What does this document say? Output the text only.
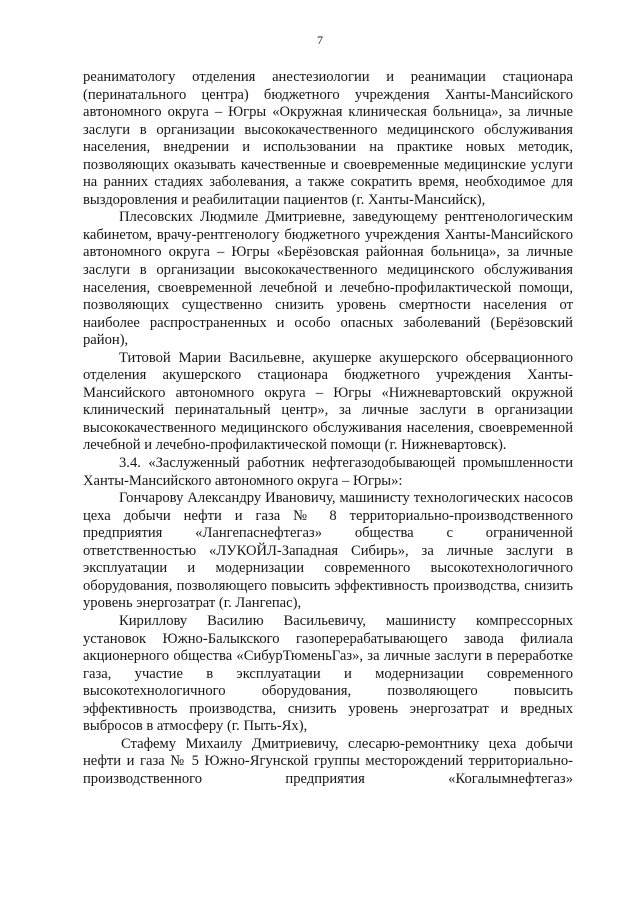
7

реаниматологу отделения анестезиологии и реанимации стационара (перинатального центра) бюджетного учреждения Ханты-Мансийского автономного округа – Югры «Окружная клиническая больница», за личные заслуги в организации высококачественного медицинского обслуживания населения, внедрении и использовании на практике новых методик, позволяющих оказывать качественные и своевременные медицинские услуги на ранних стадиях заболевания, а также сократить время, необходимое для выздоровления и реабилитации пациентов (г. Ханты-Мансийск),

Плесовских Людмиле Дмитриевне, заведующему рентгенологическим кабинетом, врачу-рентгенологу бюджетного учреждения Ханты-Мансийского автономного округа – Югры «Берёзовская районная больница», за личные заслуги в организации высококачественного медицинского обслуживания населения, своевременной лечебной и лечебно-профилактической помощи, позволяющих существенно снизить уровень смертности населения от наиболее распространенных и особо опасных заболеваний (Берёзовский район),

Титовой Марии Васильевне, акушерке акушерского обсервационного отделения акушерского стационара бюджетного учреждения Ханты-Мансийского автономного округа – Югры «Нижневартовский окружной клинический перинатальный центр», за личные заслуги в организации высококачественного медицинского обслуживания населения, своевременной лечебной и лечебно-профилактической помощи (г. Нижневартовск).

3.4. «Заслуженный работник нефтегазодобывающей промышленности Ханты-Мансийского автономного округа – Югры»:

Гончарову Александру Ивановичу, машинисту технологических насосов цеха добычи нефти и газа № 8 территориально-производственного предприятия «Лангепаснефтегаз» общества с ограниченной ответственностью «ЛУКОЙЛ-Западная Сибирь», за личные заслуги в эксплуатации и модернизации современного высокотехнологичного оборудования, позволяющего повысить эффективность производства, снизить уровень энергозатрат (г. Лангепас),

Кириллову Василию Васильевичу, машинисту компрессорных установок Южно-Балыкского газоперерабатывающего завода филиала акционерного общества «СибурТюменьГаз», за личные заслуги в переработке газа, участие в эксплуатации и модернизации современного высокотехнологичного оборудования, позволяющего повысить эффективность производства, снизить уровень энергозатрат и вредных выбросов в атмосферу (г. Пыть-Ях),

Стафему Михаилу Дмитриевичу, слесарю-ремонтнику цеха добычи нефти и газа № 5 Южно-Ягунской группы месторождений территориально-производственного предприятия «Когалымнефтегаз»
